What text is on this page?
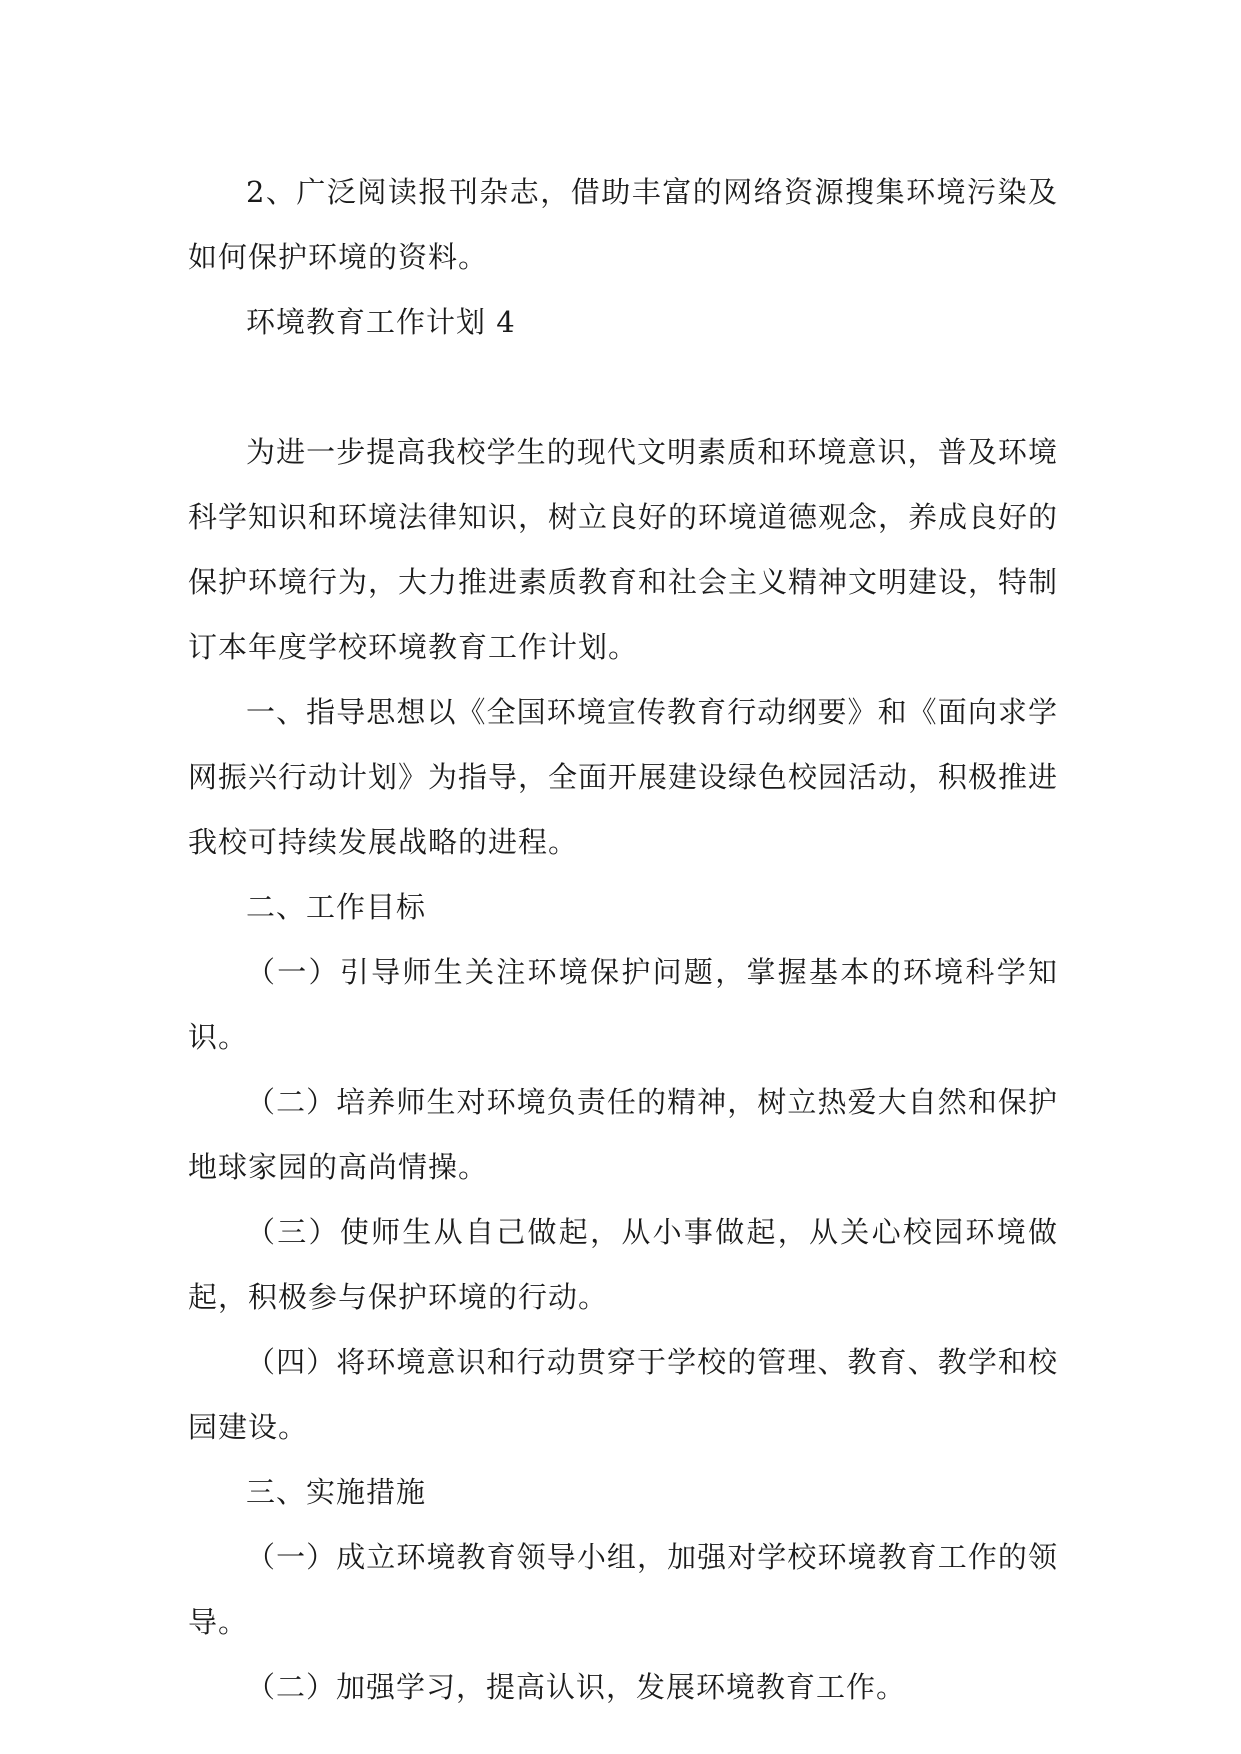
2、广泛阅读报刊杂志，借助丰富的网络资源搜集环境污染及如何保护环境的资料。

环境教育工作计划 4

为进一步提高我校学生的现代文明素质和环境意识，普及环境科学知识和环境法律知识，树立良好的环境道德观念，养成良好的保护环境行为，大力推进素质教育和社会主义精神文明建设，特制订本年度学校环境教育工作计划。

一、指导思想以《全国环境宣传教育行动纲要》和《面向求学网振兴行动计划》为指导，全面开展建设绿色校园活动，积极推进我校可持续发展战略的进程。

二、工作目标

（一）引导师生关注环境保护问题，掌握基本的环境科学知识。

（二）培养师生对环境负责任的精神，树立热爱大自然和保护地球家园的高尚情操。

（三）使师生从自己做起，从小事做起，从关心校园环境做起，积极参与保护环境的行动。

（四）将环境意识和行动贯穿于学校的管理、教育、教学和校园建设。

三、实施措施

（一）成立环境教育领导小组，加强对学校环境教育工作的领导。

（二）加强学习，提高认识，发展环境教育工作。
